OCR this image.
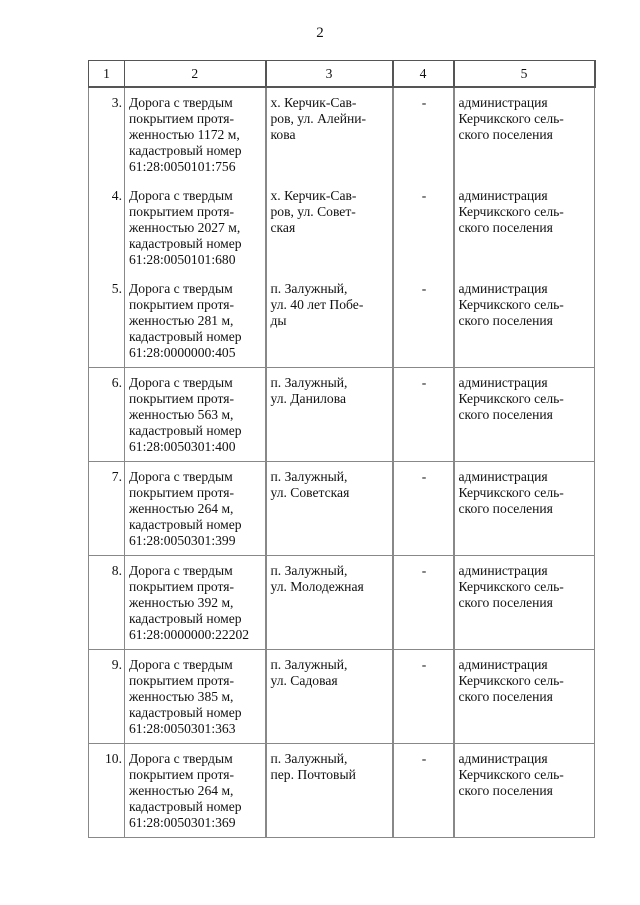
2
1	2	3	4	5
3.	Дорога с твердым
покрытием протя-
женностью 1172 м,
кадастровый номер
61:28:0050101:756	х. Керчик-Сав-
ров, ул. Алейни-
кова	-	администрация
Керчикского сель-
ского поселения
4.	Дорога с твердым
покрытием протя-
женностью 2027 м,
кадастровый номер
61:28:0050101:680	х. Керчик-Сав-
ров, ул. Совет-
ская	-	администрация
Керчикского сель-
ского поселения
5.	Дорога с твердым
покрытием протя-
женностью 281 м,
кадастровый номер
61:28:0000000:405	п. Залужный,
ул. 40 лет Побе-
ды	-	администрация
Керчикского сель-
ского поселения
6.	Дорога с твердым
покрытием протя-
женностью 563 м,
кадастровый номер
61:28:0050301:400	п. Залужный,
ул. Данилова	-	администрация
Керчикского сель-
ского поселения
7.	Дорога с твердым
покрытием протя-
женностью 264 м,
кадастровый номер
61:28:0050301:399	п. Залужный,
ул. Советская	-	администрация
Керчикского сель-
ского поселения
8.	Дорога с твердым
покрытием протя-
женностью 392 м,
кадастровый номер
61:28:0000000:22202	п. Залужный,
ул. Молодежная	-	администрация
Керчикского сель-
ского поселения
9.	Дорога с твердым
покрытием протя-
женностью 385 м,
кадастровый номер
61:28:0050301:363	п. Залужный,
ул. Садовая	-	администрация
Керчикского сель-
ского поселения
10.	Дорога с твердым
покрытием протя-
женностью 264 м,
кадастровый номер
61:28:0050301:369	п. Залужный,
пер. Почтовый	-	администрация
Керчикского сель-
ского поселения
